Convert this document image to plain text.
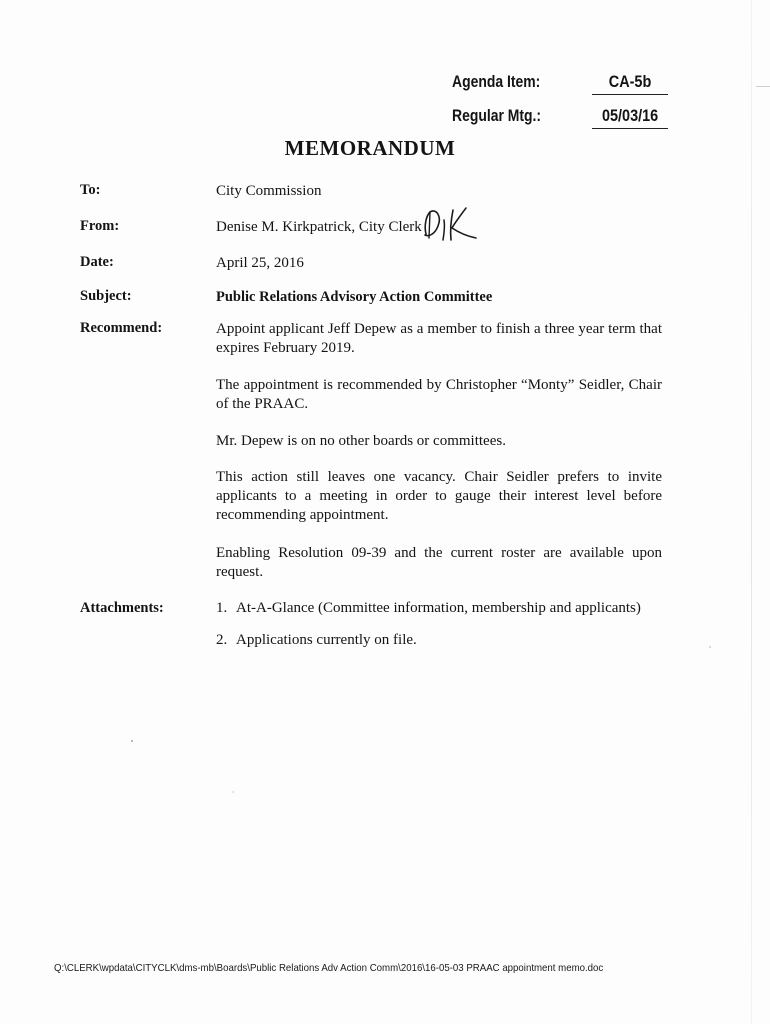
Agenda Item:	CA-5b
Regular Mtg.:	05/03/16
MEMORANDUM
To:	City Commission
From:	Denise M. Kirkpatrick, City Clerk
Date:	April 25, 2016
Subject:	Public Relations Advisory Action Committee
Recommend:	Appoint applicant Jeff Depew as a member to finish a three year term that expires February 2019.
The appointment is recommended by Christopher “Monty” Seidler, Chair of the PRAAC.
Mr. Depew is on no other boards or committees.
This action still leaves one vacancy. Chair Seidler prefers to invite applicants to a meeting in order to gauge their interest level before recommending appointment.
Enabling Resolution 09-39 and the current roster are available upon request.
Attachments:	1. At-A-Glance (Committee information, membership and applicants)
2. Applications currently on file.
Q:\CLERK\wpdata\CITYCLK\dms-mb\Boards\Public Relations Adv Action Comm\2016\16-05-03 PRAAC appointment memo.doc
